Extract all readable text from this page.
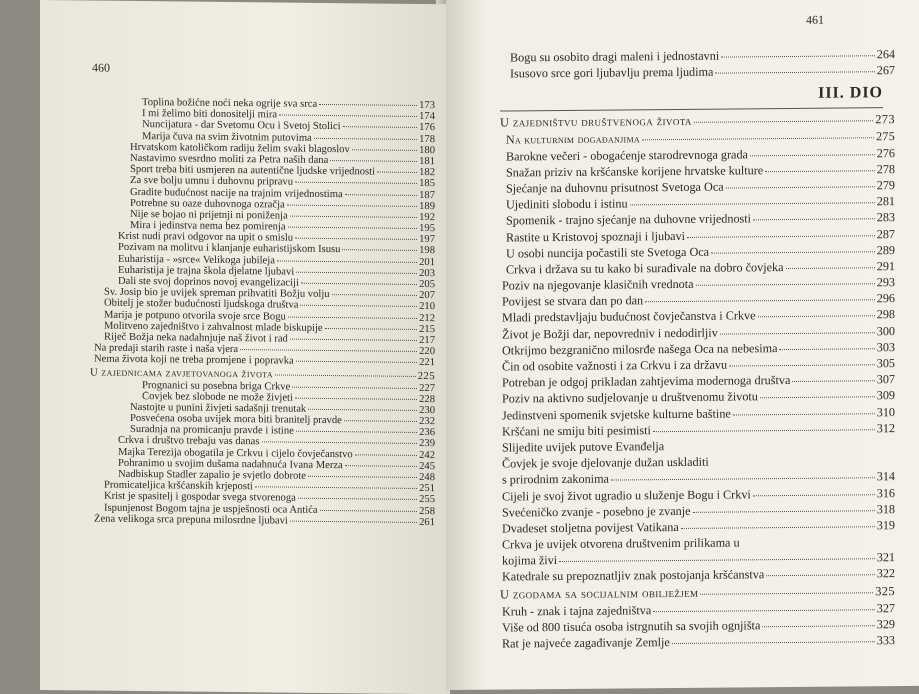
460
Toplina božićne noći neka ogrije sva srca	173
I mi želimo biti donositelji mira	174
Nuncijatura - dar Svetomu Ocu i Svetoj Stolici	176
Marija čuva na svim životnim putovima	178
Hrvatskom katoličkom radiju želim svaki blagoslov	180
Nastavimo svesrdno moliti za Petra naših dana	181
Šport treba biti usmjeren na autentične ljudske vrijednosti	182
Za sve bolju umnu i duhovnu pripravu	185
Gradite budućnost nacije na trajnim vrijednostima	187
Potrebne su oaze duhovnoga ozračja	189
Nije se bojao ni prijetnji ni poniženja	192
Mira i jedinstva nema bez pomirenja	195
Krist nudi pravi odgovor na upit o smislu	197
Pozivam na molitvu i klanjanje euharistijskom Isusu	198
Euharistija - »srce« Velikoga jubileja	201
Euharistija je trajna škola djelatne ljubavi	203
Dali ste svoj doprinos novoj evangelizaciji	205
Sv. Josip bio je uvijek spreman prihvatiti Božju volju	207
Obitelj je stožer budućnosti ljudskoga društva	210
Marija je potpuno otvorila svoje srce Bogu	212
Molitveno zajedništvo i zahvalnost mlade biskupije	215
Riječ Božja neka nadahnjuje naš život i rad	217
Na predaji starih raste i naša vjera	220
Nema života koji ne treba promjene i popravka	221
U zajednicama zavjetovanoga života	225
Prognanici su posebna briga Crkve	227
Čovjek bez slobode ne može živjeti	228
Nastojte u punini živjeti sadašnji trenutak	230
Posvećena osoba uvijek mora biti branitelj pravde	232
Suradnja na promicanju pravde i istine	236
Crkva i društvo trebaju vas danas	239
Majka Terezija obogatila je Crkvu i cijelo čovječanstvo	242
Pohranimo u svojim dušama nadahnuća Ivana Merza	245
Nadbiskup Stadler zapalio je svjetlo dobrote	248
Promicateljica kršćanskih krjeposti	251
Krist je spasitelj i gospodar svega stvorenoga	255
Ispunjenost Bogom tajna je uspješnosti oca Antića	258
Žena velikoga srca prepuna milosrdne ljubavi	261
461
Bogu su osobito dragi maleni i jednostavni	264
Isusovo srce gori ljubavlju prema ljudima	267
III. DIO
U zajedništvu društvenoga života	273
Na kulturnim događanjima	275
Barokne večeri - obogaćenje starodrevnoga grada	276
Snažan priziv na kršćanske korijene hrvatske kulture	278
Sjećanje na duhovnu prisutnost Svetoga Oca	279
Ujediniti slobodu i istinu	281
Spomenik - trajno sjećanje na duhovne vrijednosti	283
Rastite u Kristovoj spoznaji i ljubavi	287
U osobi nuncija počastili ste Svetoga Oca	289
Crkva i država su tu kako bi surađivale na dobro čovjeka	291
Poziv na njegovanje klasičnih vrednota	293
Povijest se stvara dan po dan	296
Mladi predstavljaju budućnost čovječanstva i Crkve	298
Život je Božji dar, nepovredniv i nedodirljiv	300
Otkrijmo bezgranično milosrđe našega Oca na nebesima	303
Čin od osobite važnosti i za Crkvu i za državu	305
Potreban je odgoj prikladan zahtjevima modernoga društva	307
Poziv na aktivno sudjelovanje u društvenomu životu	309
Jedinstveni spomenik svjetske kulturne baštine	310
Kršćani ne smiju biti pesimisti	312
Slijedite uvijek putove Evanđelja
Čovjek je svoje djelovanje dužan uskladiti
s prirodnim zakonima	314
Cijeli je svoj život ugradio u služenje Bogu i Crkvi	316
Svećeničko zvanje - posebno je zvanje	318
Dvadeset stoljetna povijest Vatikana	319
Crkva je uvijek otvorena društvenim prilikama u
kojima živi	321
Katedrale su prepoznatljiv znak postojanja kršćanstva	322
U zgodama sa socijalnim obilježjem	325
Kruh - znak i tajna zajedništva	327
Više od 800 tisuća osoba istrgnutih sa svojih ognjišta	329
Rat je najveće zagađivanje Zemlje	333
